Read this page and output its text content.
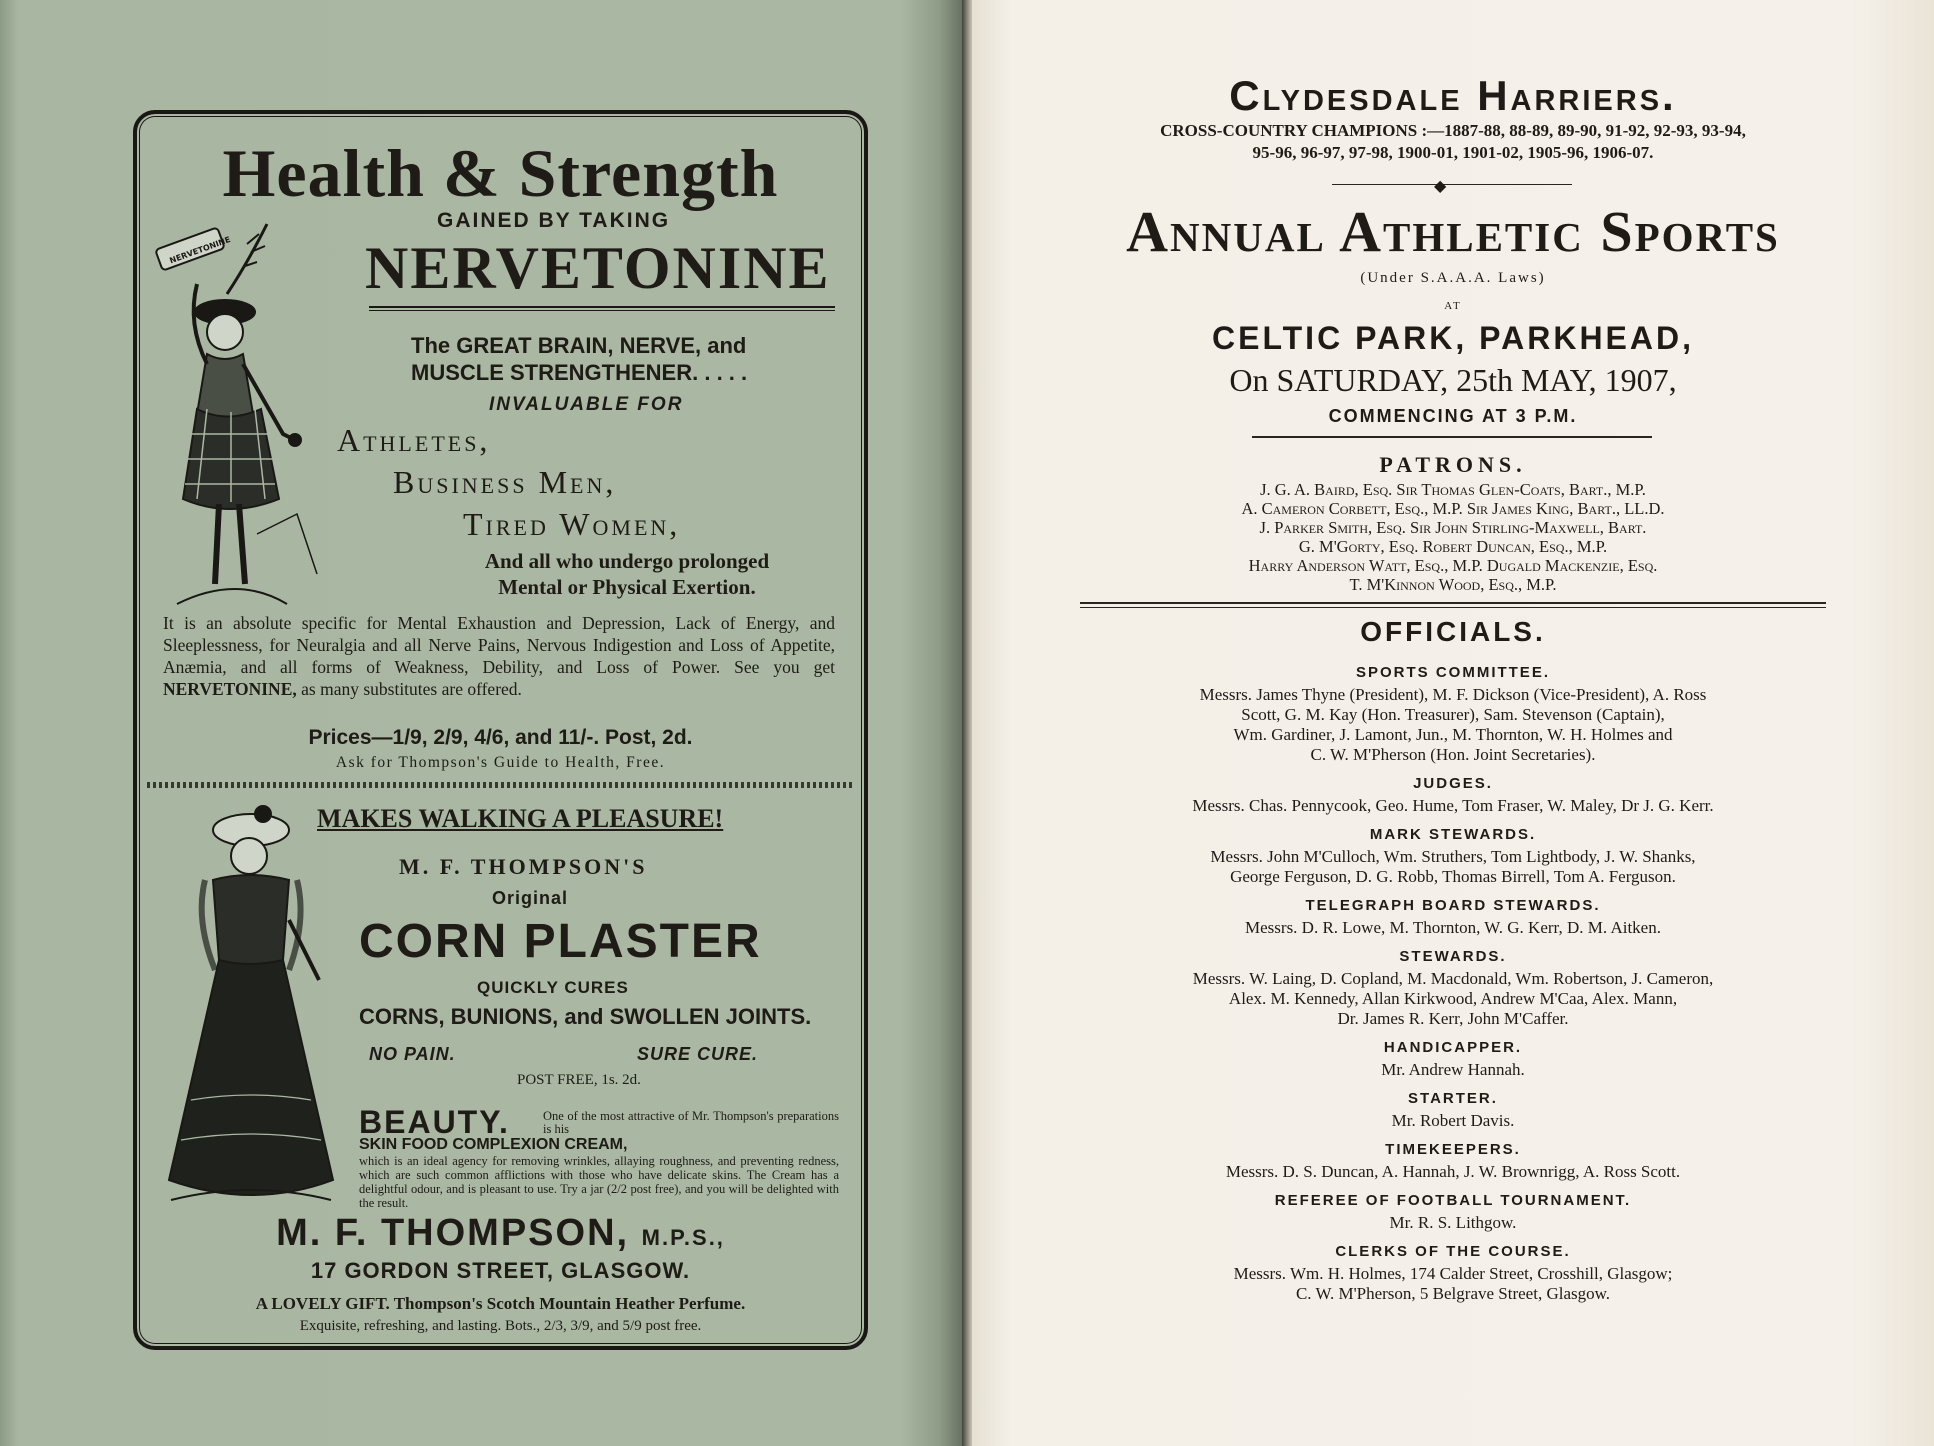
Health & Strength
GAINED BY TAKING
NERVETONINE
NERVETONINE
The GREAT BRAIN, NERVE, and
MUSCLE STRENGTHENER. . . . .
INVALUABLE FOR
Athletes,
Business Men,
Tired Women,
And all who undergo prolonged
Mental or Physical Exertion.
It is an absolute specific for Mental Exhaustion and Depression, Lack of Energy, and Sleeplessness, for Neuralgia and all Nerve Pains, Nervous Indigestion and Loss of Appetite, Anæmia, and all forms of Weakness, Debility, and Loss of Power. See you get NERVETONINE, as many substitutes are offered.
Prices—1/9, 2/9, 4/6, and 11/-. Post, 2d.
Ask for Thompson's Guide to Health, Free.
MAKES WALKING A PLEASURE!
M. F. THOMPSON'S
Original
CORN PLASTER
QUICKLY CURES
CORNS, BUNIONS, and SWOLLEN JOINTS.
NO PAIN.	SURE CURE.
POST FREE, 1s. 2d.
BEAUTY.	One of the most attractive of Mr. Thompson's preparations is his
SKIN FOOD COMPLEXION CREAM,
which is an ideal agency for removing wrinkles, allaying roughness, and preventing redness, which are such common afflictions with those who have delicate skins. The Cream has a delightful odour, and is pleasant to use. Try a jar (2/2 post free), and you will be delighted with the result.
M. F. THOMPSON, M.P.S.,
17 GORDON STREET, GLASGOW.
A LOVELY GIFT. Thompson's Scotch Mountain Heather Perfume.
Exquisite, refreshing, and lasting. Bots., 2/3, 3/9, and 5/9 post free.
Clydesdale Harriers.
CROSS-COUNTRY CHAMPIONS :—1887-88, 88-89, 89-90, 91-92, 92-93, 93-94,
95-96, 96-97, 97-98, 1900-01, 1901-02, 1905-96, 1906-07.
◆
Annual Athletic Sports
(Under S.A.A.A. Laws)
AT
CELTIC PARK, PARKHEAD,
On SATURDAY, 25th MAY, 1907,
COMMENCING AT 3 P.M.
PATRONS.
J. G. A. Baird, Esq. Sir Thomas Glen-Coats, Bart., M.P.
A. Cameron Corbett, Esq., M.P. Sir James King, Bart., LL.D.
J. Parker Smith, Esq. Sir John Stirling-Maxwell, Bart.
G. M'Gorty, Esq. Robert Duncan, Esq., M.P.
Harry Anderson Watt, Esq., M.P. Dugald Mackenzie, Esq.
T. M'Kinnon Wood, Esq., M.P.
OFFICIALS.
SPORTS COMMITTEE.
Messrs. James Thyne (President), M. F. Dickson (Vice-President), A. Ross
Scott, G. M. Kay (Hon. Treasurer), Sam. Stevenson (Captain),
Wm. Gardiner, J. Lamont, Jun., M. Thornton, W. H. Holmes and
C. W. M'Pherson (Hon. Joint Secretaries).
JUDGES.
Messrs. Chas. Pennycook, Geo. Hume, Tom Fraser, W. Maley, Dr J. G. Kerr.
MARK STEWARDS.
Messrs. John M'Culloch, Wm. Struthers, Tom Lightbody, J. W. Shanks,
George Ferguson, D. G. Robb, Thomas Birrell, Tom A. Ferguson.
TELEGRAPH BOARD STEWARDS.
Messrs. D. R. Lowe, M. Thornton, W. G. Kerr, D. M. Aitken.
STEWARDS.
Messrs. W. Laing, D. Copland, M. Macdonald, Wm. Robertson, J. Cameron,
Alex. M. Kennedy, Allan Kirkwood, Andrew M'Caa, Alex. Mann,
Dr. James R. Kerr, John M'Caffer.
HANDICAPPER.
Mr. Andrew Hannah.
STARTER.
Mr. Robert Davis.
TIMEKEEPERS.
Messrs. D. S. Duncan, A. Hannah, J. W. Brownrigg, A. Ross Scott.
REFEREE OF FOOTBALL TOURNAMENT.
Mr. R. S. Lithgow.
CLERKS OF THE COURSE.
Messrs. Wm. H. Holmes, 174 Calder Street, Crosshill, Glasgow;
C. W. M'Pherson, 5 Belgrave Street, Glasgow.
